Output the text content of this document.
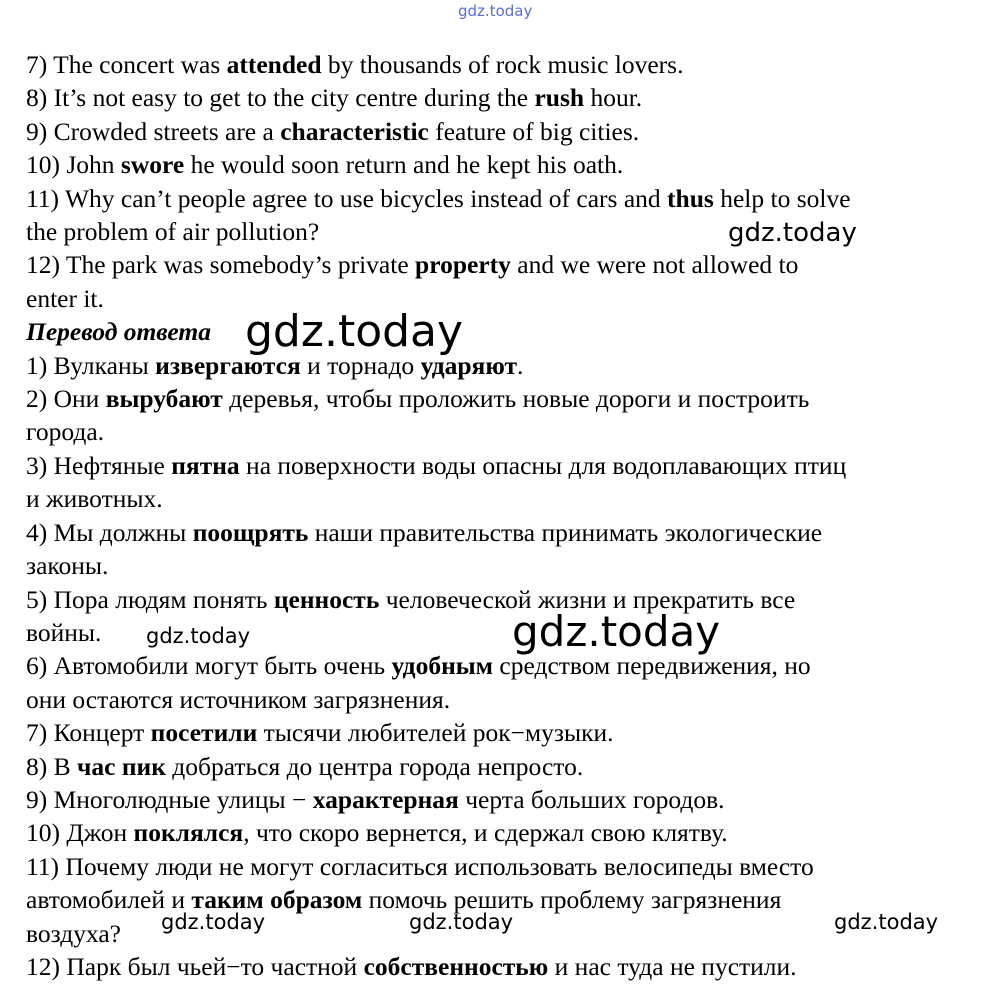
gdz.today
7) The concert was attended by thousands of rock music lovers.
8) It’s not easy to get to the city centre during the rush hour.
9) Crowded streets are a characteristic feature of big cities.
10) John swore he would soon return and he kept his oath.
11) Why can’t people agree to use bicycles instead of cars and thus help to solve
the problem of air pollution?
12) The park was somebody’s private property and we were not allowed to
enter it.
Перевод ответа
1) Вулканы извергаются и торнадо ударяют.
2) Они вырубают деревья, чтобы проложить новые дороги и построить
города.
3) Нефтяные пятна на поверхности воды опасны для водоплавающих птиц
и животных.
4) Мы должны поощрять наши правительства принимать экологические
законы.
5) Пора людям понять ценность человеческой жизни и прекратить все
войны.
6) Автомобили могут быть очень удобным средством передвижения, но
они остаются источником загрязнения.
7) Концерт посетили тысячи любителей рок−музыки.
8) В час пик добраться до центра города непросто.
9) Многолюдные улицы − характерная черта больших городов.
10) Джон поклялся, что скоро вернется, и сдержал свою клятву.
11) Почему люди не могут согласиться использовать велосипеды вместо
автомобилей и таким образом помочь решить проблему загрязнения
воздуха?
12) Парк был чьей−то частной собственностью и нас туда не пустили.
gdz.today
gdz.today
gdz.today	gdz.today
gdz.today	gdz.today	gdz.today
